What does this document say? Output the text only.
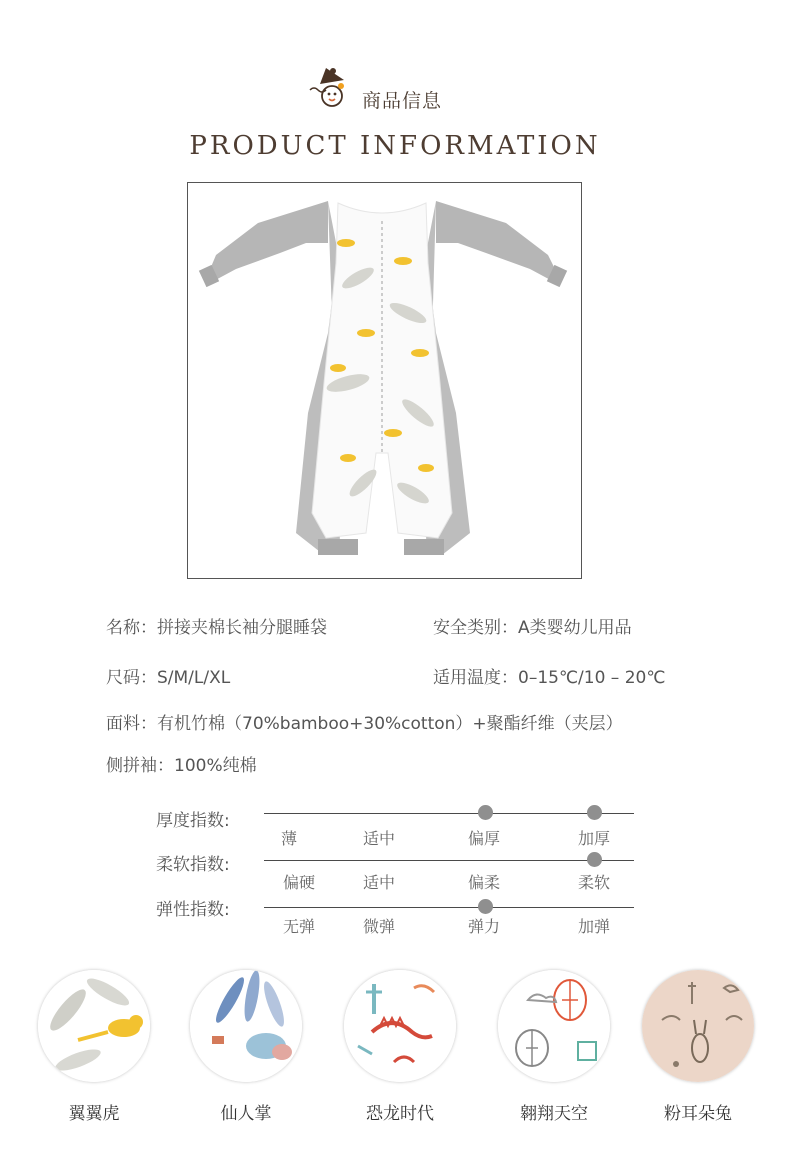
商品信息
PRODUCT INFORMATION
名称：拼接夹棉长袖分腿睡袋	安全类别：A类婴幼儿用品
尺码：S/M/L/XL	适用温度：0–15℃/10 – 20℃
面料：有机竹棉（70%bamboo+30%cotton）+聚酯纤维（夹层）
侧拼袖：100%纯棉
厚度指数:
薄	适中	偏厚	加厚
柔软指数:
偏硬	适中	偏柔	柔软
弹性指数:
无弹	微弹	弹力	加弹
翼翼虎	仙人掌	恐龙时代	翱翔天空	粉耳朵兔
